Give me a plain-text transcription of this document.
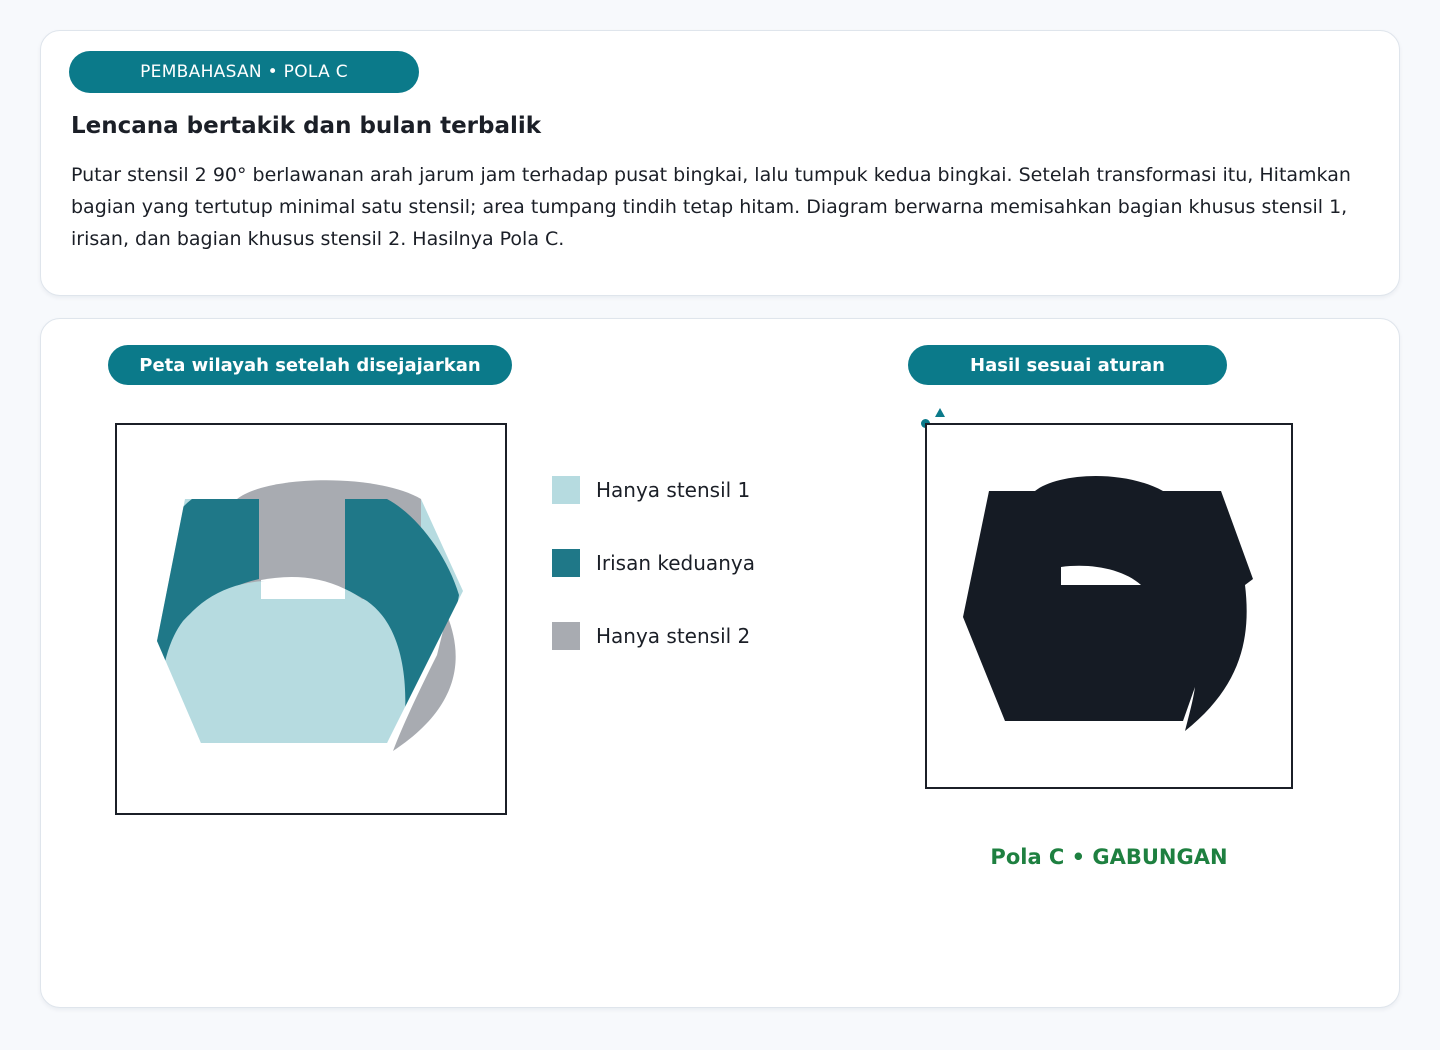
PEMBAHASAN • POLA C
Lencana bertakik dan bulan terbalik

Putar stensil 2 90° berlawanan arah jarum jam terhadap pusat bingkai, lalu tumpuk kedua bingkai. Setelah transformasi itu, Hitamkan bagian yang tertutup minimal satu stensil; area tumpang tindih tetap hitam. Diagram berwarna memisahkan bagian khusus stensil 1, irisan, dan bagian khusus stensil 2. Hasilnya Pola C.

Peta wilayah setelah disejajarkan	Hasil sesuai aturan
Hanya stensil 1
Irisan keduanya
Hanya stensil 2
Pola C • GABUNGAN
